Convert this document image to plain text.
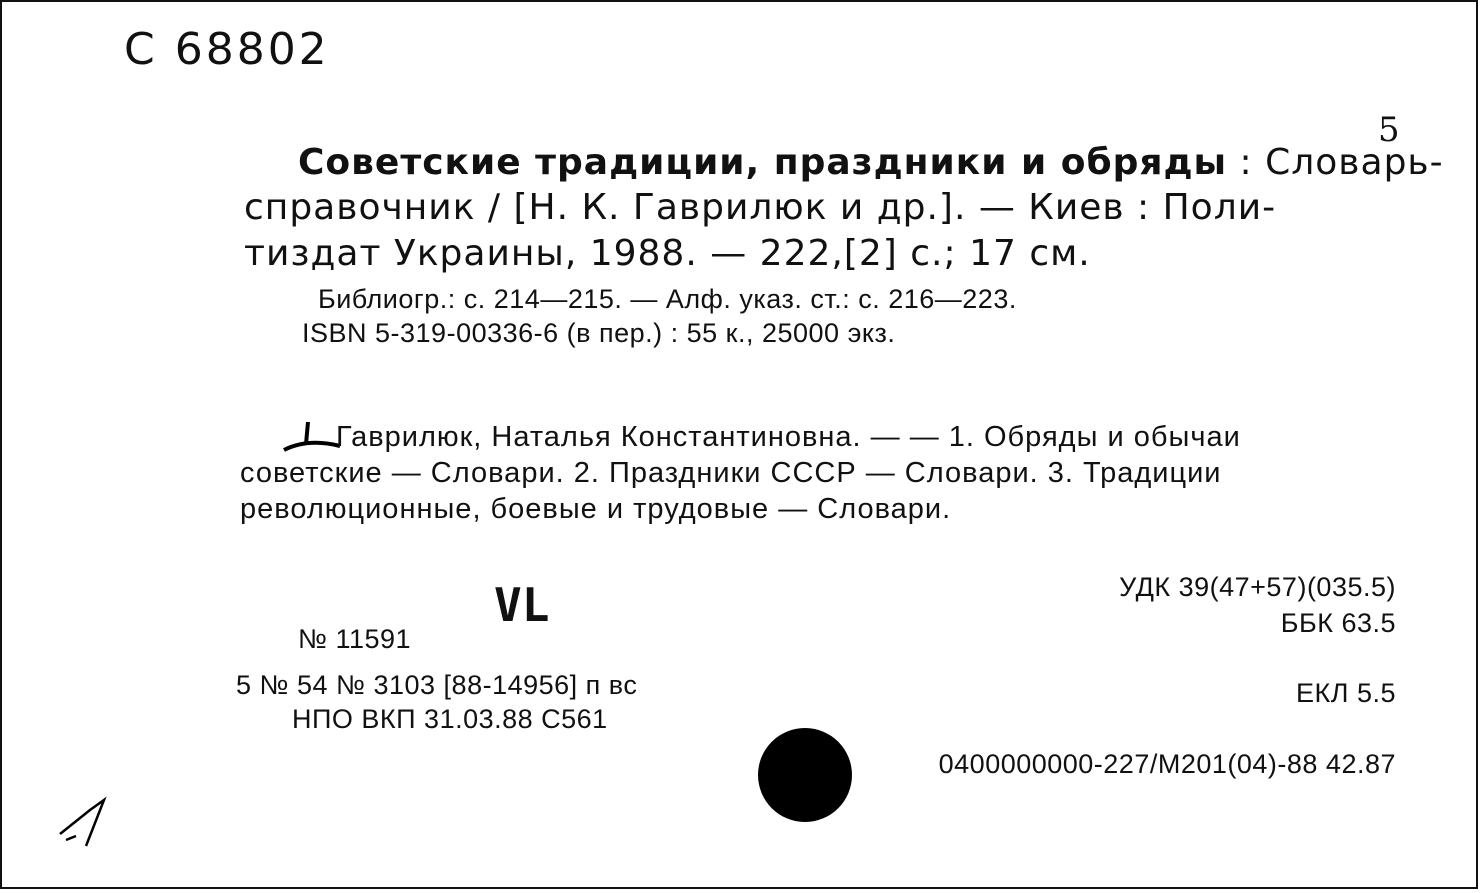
С 68802
5
Советские традиции, праздники и обряды : Словарь-
справочник / [Н. К. Гаврилюк и др.]. — Киев : Поли-
тиздат Украины, 1988. — 222,[2] с.; 17 см.
Библиогр.: с. 214—215. — Алф. указ. ст.: с. 216—223.
ISBN 5-319-00336-6 (в пер.) : 55 к., 25000 экз.
Гаврилюк, Наталья Константиновна. — — 1. Обряды и обычаи
советские — Словари. 2. Праздники СССР — Словари. 3. Традиции
революционные, боевые и трудовые — Словари.
VL	УДК 39(47+57)(035.5)
ББК 63.5
ЕКЛ 5.5
0400000000-227/М201(04)-88 42.87
№ 11591
5 № 54 № 3103 [88-14956] п вс
НПО ВКП 31.03.88 С561
